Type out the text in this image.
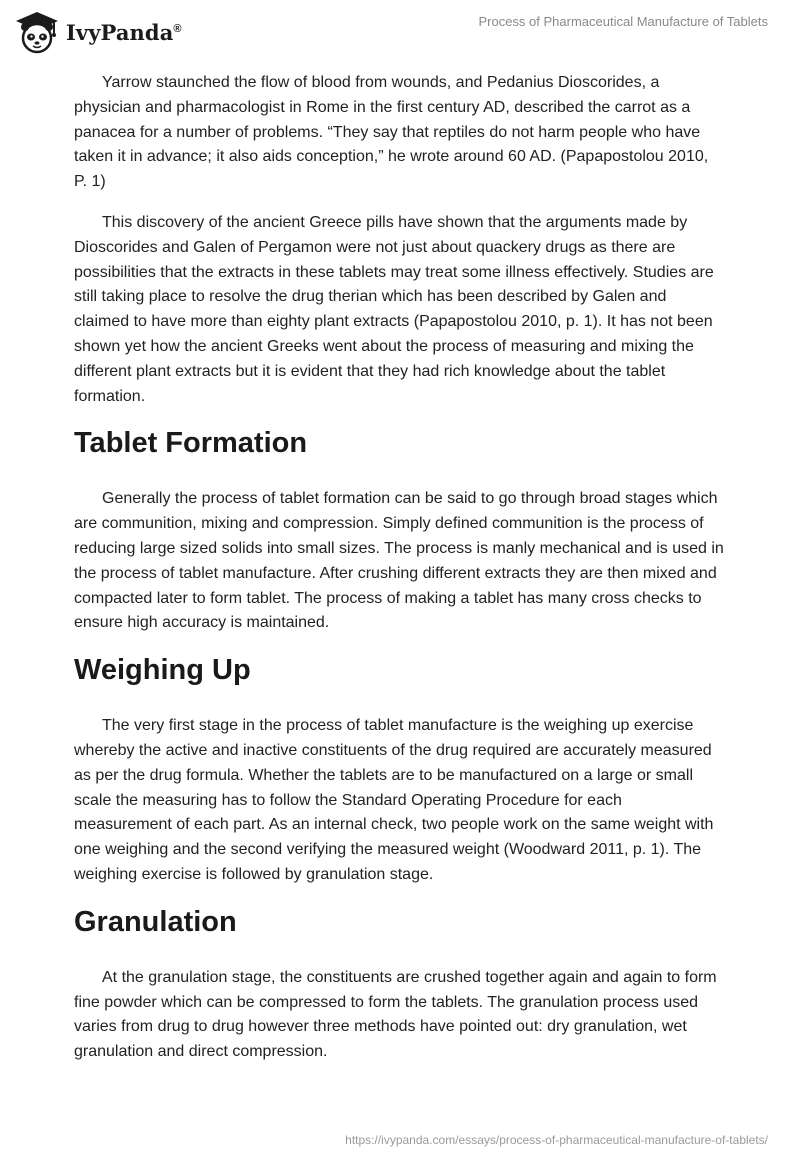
IvyPanda®	Process of Pharmaceutical Manufacture of Tablets

Yarrow staunched the flow of blood from wounds, and Pedanius Dioscorides, a physician and pharmacologist in Rome in the first century AD, described the carrot as a panacea for a number of problems. “They say that reptiles do not harm people who have taken it in advance; it also aids conception,” he wrote around 60 AD. (Papapostolou 2010, P. 1)

This discovery of the ancient Greece pills have shown that the arguments made by Dioscorides and Galen of Pergamon were not just about quackery drugs as there are possibilities that the extracts in these tablets may treat some illness effectively. Studies are still taking place to resolve the drug therian which has been described by Galen and claimed to have more than eighty plant extracts (Papapostolou 2010, p. 1). It has not been shown yet how the ancient Greeks went about the process of measuring and mixing the different plant extracts but it is evident that they had rich knowledge about the tablet formation.

Tablet Formation

Generally the process of tablet formation can be said to go through broad stages which are communition, mixing and compression. Simply defined communition is the process of reducing large sized solids into small sizes. The process is manly mechanical and is used in the process of tablet manufacture. After crushing different extracts they are then mixed and compacted later to form tablet. The process of making a tablet has many cross checks to ensure high accuracy is maintained.

Weighing Up

The very first stage in the process of tablet manufacture is the weighing up exercise whereby the active and inactive constituents of the drug required are accurately measured as per the drug formula. Whether the tablets are to be manufactured on a large or small scale the measuring has to follow the Standard Operating Procedure for each measurement of each part. As an internal check, two people work on the same weight with one weighing and the second verifying the measured weight (Woodward 2011, p. 1). The weighing exercise is followed by granulation stage.

Granulation

At the granulation stage, the constituents are crushed together again and again to form fine powder which can be compressed to form the tablets. The granulation process used varies from drug to drug however three methods have pointed out: dry granulation, wet granulation and direct compression.

https://ivypanda.com/essays/process-of-pharmaceutical-manufacture-of-tablets/
